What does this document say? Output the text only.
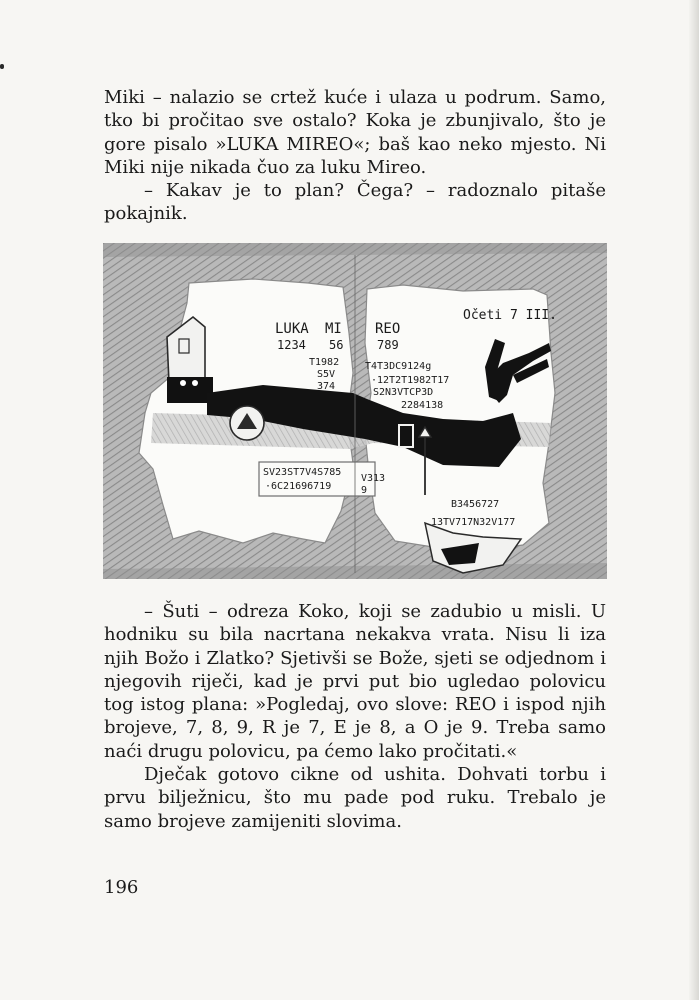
Miki – nalazio se crtež kuće i ulaza u podrum. Samo, tko bi pročitao sve ostalo? Koka je zbunjivalo, što je gore pisalo »LUKA MIREO«; baš kao neko mjesto. Ni Miki nije nikada čuo za luku Mireo.

– Kakav je to plan? Čega? – radoznalo pitaše pokajnik.

LUKA MI REO
1234 56	789
Očeti 7 III.
T1982
S5V
374
T4T3DC9124g
·12T2T1982T17
S2N3VTCP3D
2284138
SV23ST7V4S785
·6C21696719
V313
9
B3456727
13TV717N32V177

– Šuti – odreza Koko, koji se zadubio u misli. U hodniku su bila nacrtana nekakva vrata. Nisu li iza njih Božo i Zlatko? Sjetivši se Bože, sjeti se odjednom i njegovih riječi, kad je prvi put bio ugledao polovicu tog istog plana: »Pogledaj, ovo slove: REO i ispod njih brojeve, 7, 8, 9, R je 7, E je 8, a O je 9. Treba samo naći drugu polovicu, pa ćemo lako pročitati.«

Dječak gotovo cikne od ushita. Dohvati torbu i prvu bilježnicu, što mu pade pod ruku. Trebalo je samo brojeve zamijeniti slovima.

196
